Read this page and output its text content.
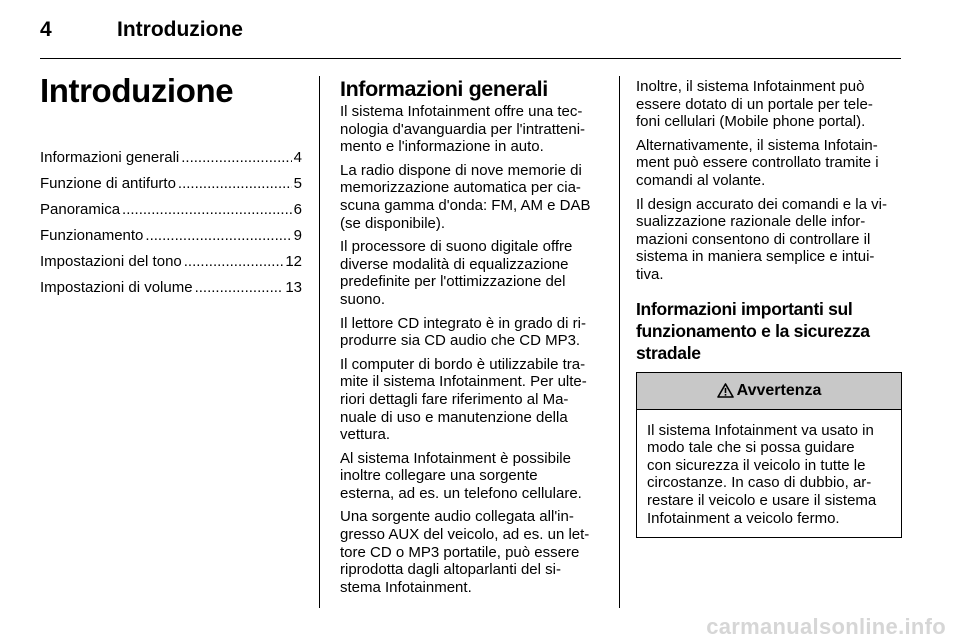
4	Introduzione
Introduzione
Informazioni generali .....	4
Funzione di antifurto .....	5
Panoramica .....	6
Funzionamento .....	9
Impostazioni del tono .....	12
Impostazioni di volume .....	13
Informazioni generali

Il sistema Infotainment offre una tec-
nologia d'avanguardia per l'intratteni-
mento e l'informazione in auto.

La radio dispone di nove memorie di
memorizzazione automatica per cia-
scuna gamma d'onda: FM, AM e DAB
(se disponibile).

Il processore di suono digitale offre
diverse modalità di equalizzazione
predefinite per l'ottimizzazione del
suono.

Il lettore CD integrato è in grado di ri-
produrre sia CD audio che CD MP3.

Il computer di bordo è utilizzabile tra-
mite il sistema Infotainment. Per ulte-
riori dettagli fare riferimento al Ma-
nuale di uso e manutenzione della
vettura.

Al sistema Infotainment è possibile
inoltre collegare una sorgente
esterna, ad es. un telefono cellulare.

Una sorgente audio collegata all'in-
gresso AUX del veicolo, ad es. un let-
tore CD o MP3 portatile, può essere
riprodotta dagli altoparlanti del si-
stema Infotainment.

Inoltre, il sistema Infotainment può
essere dotato di un portale per tele-
foni cellulari (Mobile phone portal).

Alternativamente, il sistema Infotain-
ment può essere controllato tramite i
comandi al volante.

Il design accurato dei comandi e la vi-
sualizzazione razionale delle infor-
mazioni consentono di controllare il
sistema in maniera semplice e intui-
tiva.

Informazioni importanti sul
funzionamento e la sicurezza
stradale
Avvertenza
Il sistema Infotainment va usato in
modo tale che si possa guidare
con sicurezza il veicolo in tutte le
circostanze. In caso di dubbio, ar-
restare il veicolo e usare il sistema
Infotainment a veicolo fermo.
carmanualsonline.info
